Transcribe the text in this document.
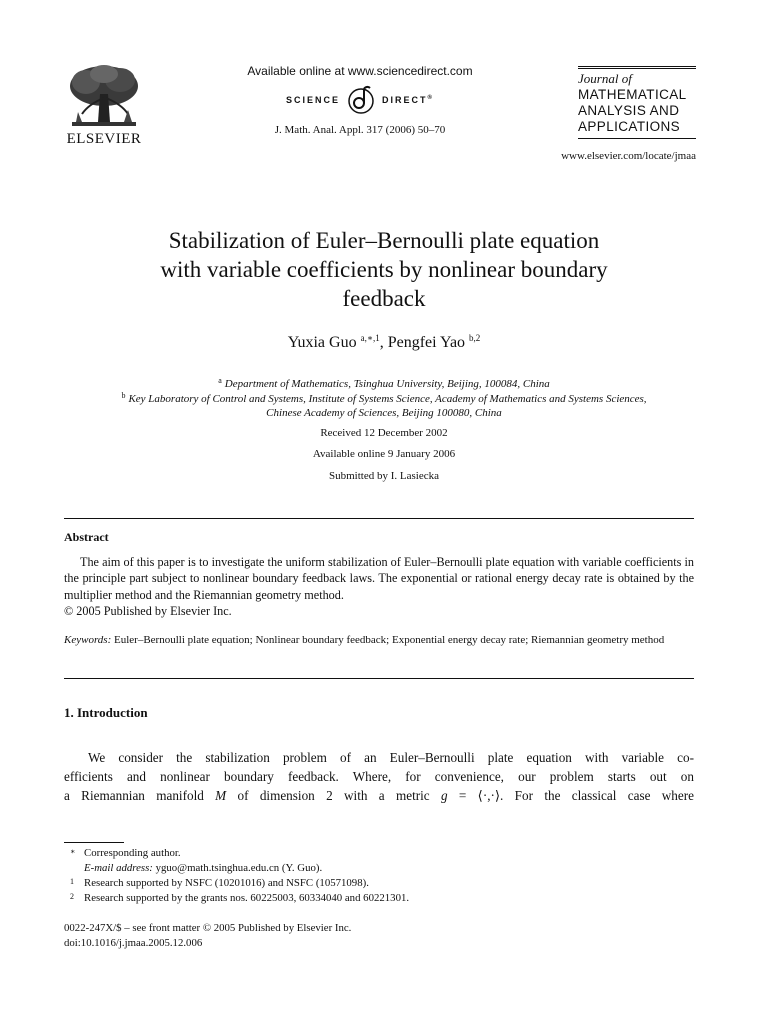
ELSEVIER
Available online at www.sciencedirect.com
SCIENCE	DIRECT®
J. Math. Anal. Appl. 317 (2006) 50–70
Journal of
MATHEMATICAL
ANALYSIS AND
APPLICATIONS
www.elsevier.com/locate/jmaa
Stabilization of Euler–Bernoulli plate equation
with variable coefficients by nonlinear boundary
feedback
Yuxia Guo $^{a,∗,1}$, Pengfei Yao $^{b,2}$
$^a$ Department of Mathematics, Tsinghua University, Beijing, 100084, China
$^b$ Key Laboratory of Control and Systems, Institute of Systems Science, Academy of Mathematics and Systems Sciences,
Chinese Academy of Sciences, Beijing 100080, China
Received 12 December 2002
Available online 9 January 2006
Submitted by I. Lasiecka
Abstract
The aim of this paper is to investigate the uniform stabilization of Euler–Bernoulli plate equation with variable coefficients in the principle part subject to nonlinear boundary feedback laws. The exponential or rational energy decay rate is obtained by the multiplier method and the Riemannian geometry method.
© 2005 Published by Elsevier Inc.
Keywords: Euler–Bernoulli plate equation; Nonlinear boundary feedback; Exponential energy decay rate; Riemannian geometry method
1. Introduction
We consider the stabilization problem of an Euler–Bernoulli plate equation with variable co-
efficients and nonlinear boundary feedback. Where, for convenience, our problem starts out on
a Riemannian manifold M of dimension 2 with a metric g = ⟨·,·⟩. For the classical case where
∗ Corresponding author.
E-mail address: yguo@math.tsinghua.edu.cn (Y. Guo).
1 Research supported by NSFC (10201016) and NSFC (10571098).
2 Research supported by the grants nos. 60225003, 60334040 and 60221301.
0022-247X/$ – see front matter © 2005 Published by Elsevier Inc.
doi:10.1016/j.jmaa.2005.12.006
